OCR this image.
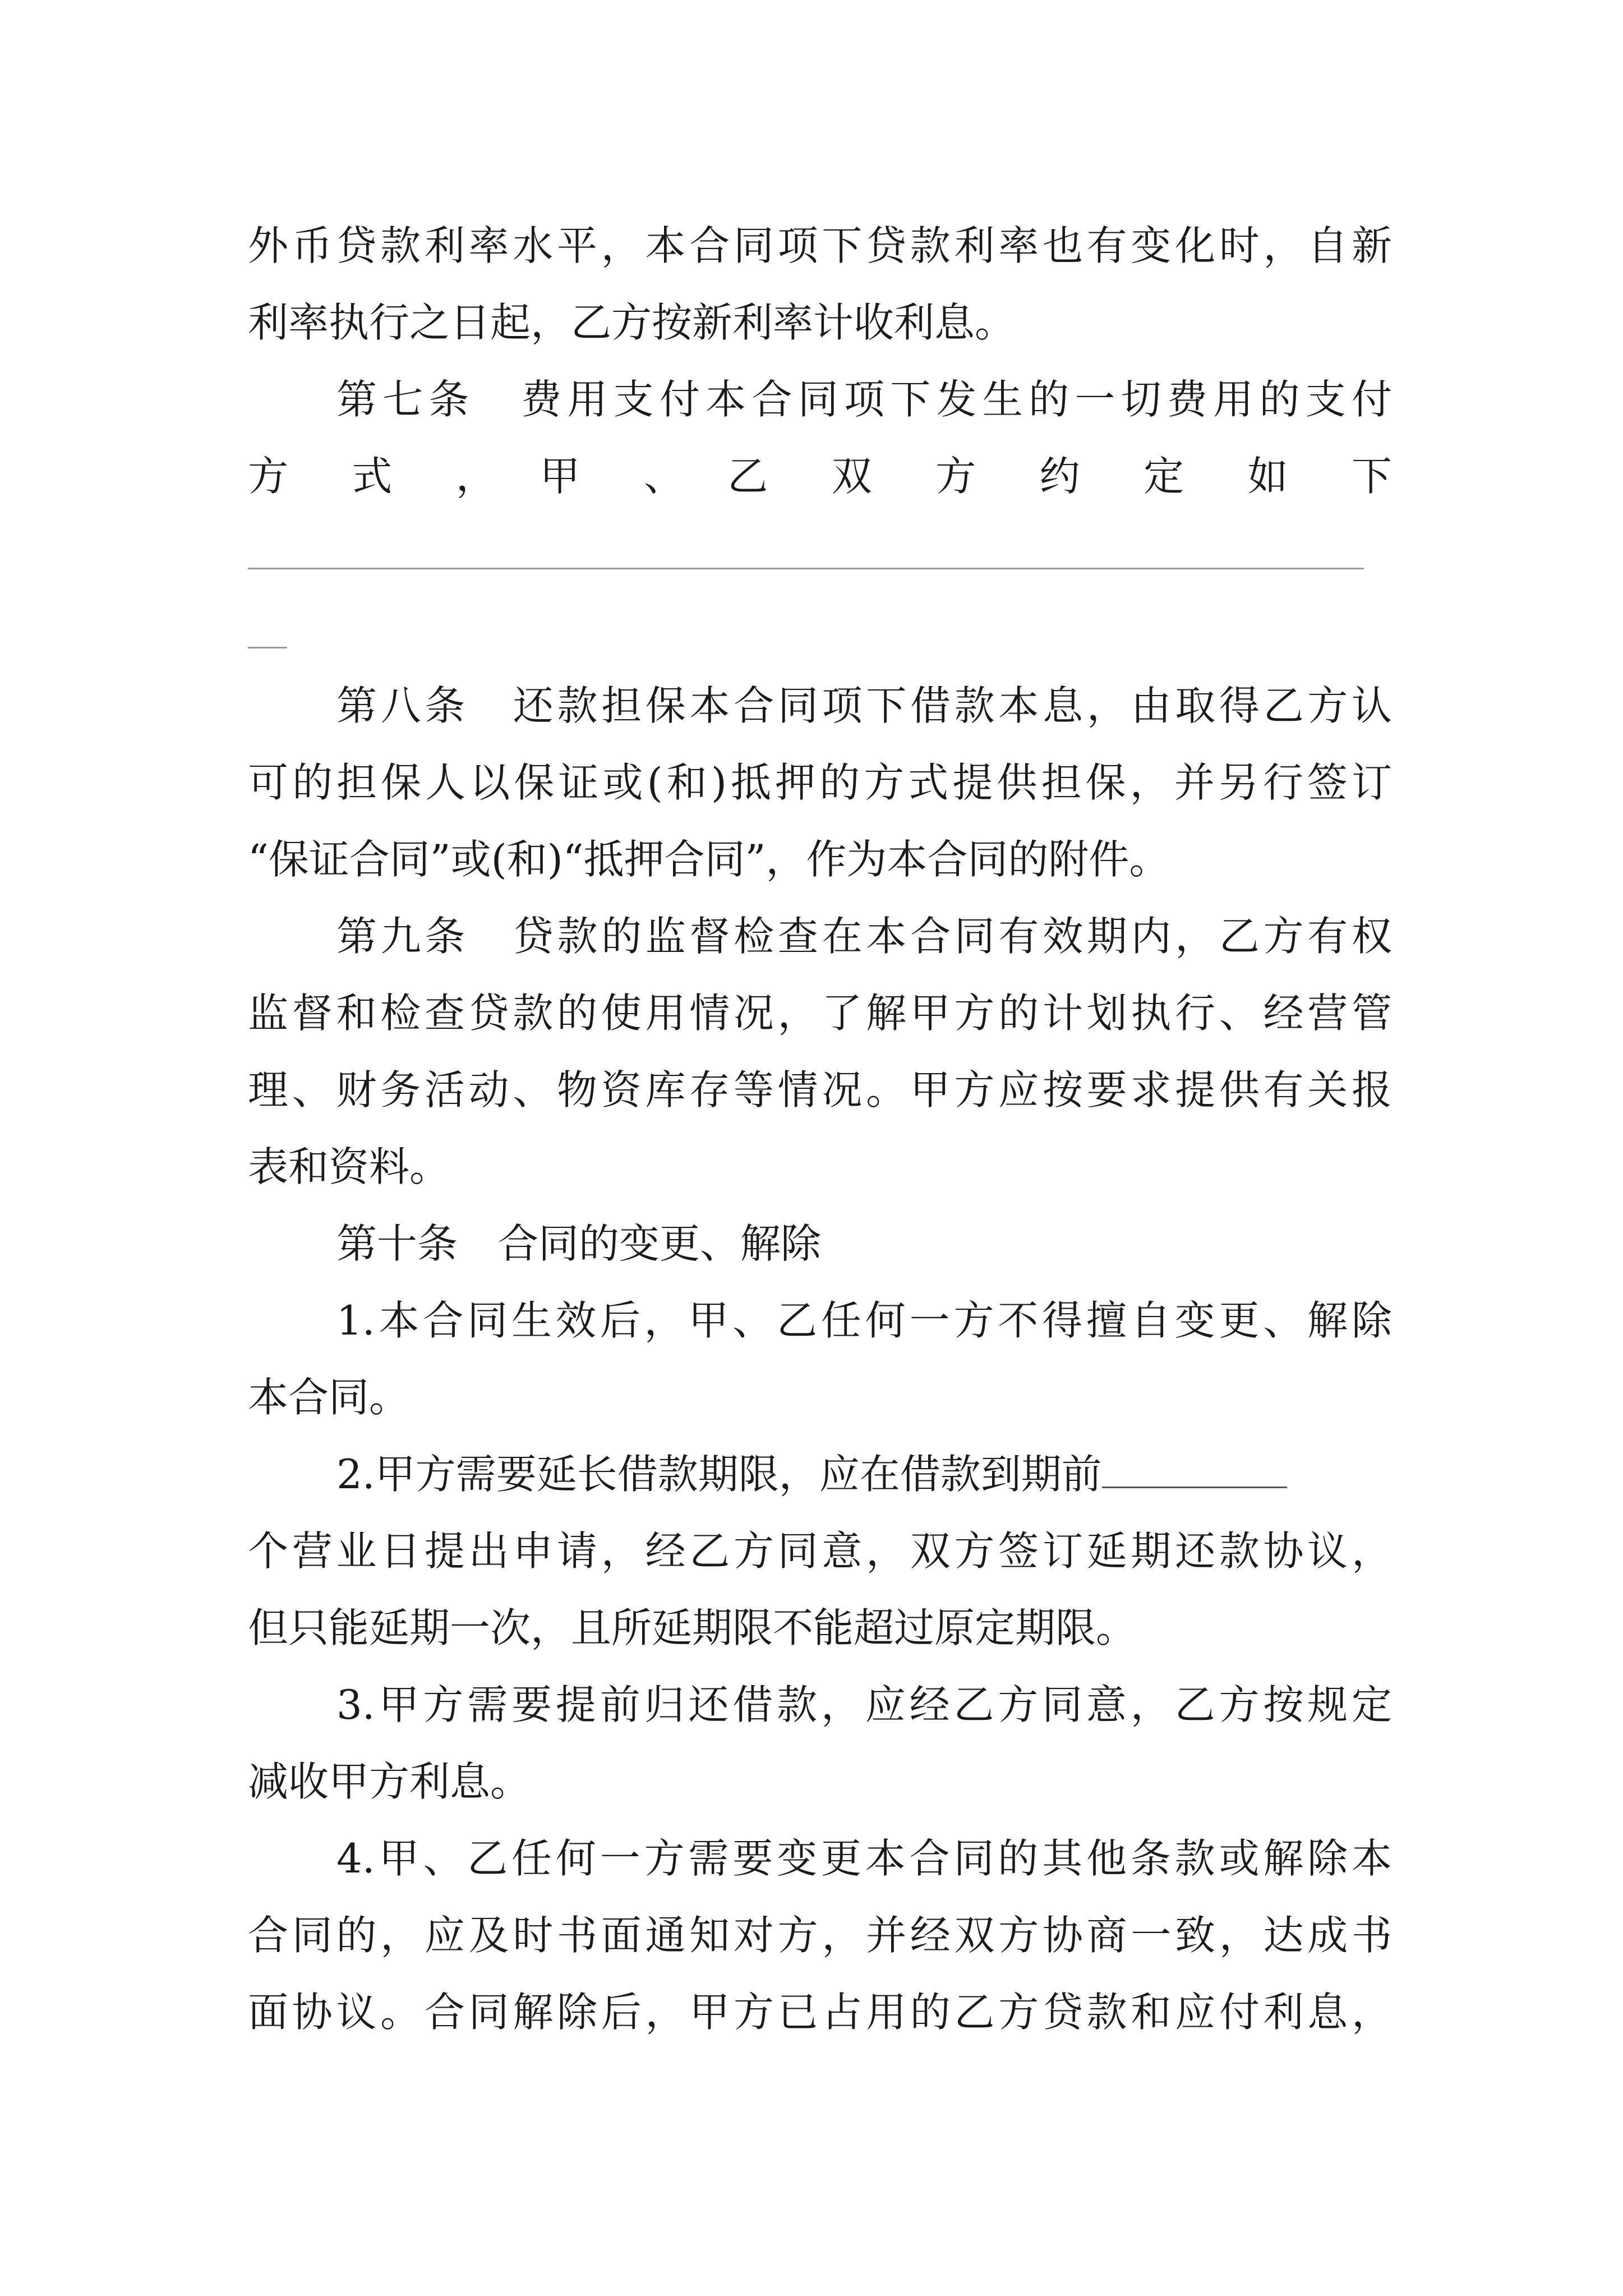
外币贷款利率水平，本合同项下贷款利率也有变化时，自新
利率执行之日起，乙方按新利率计收利息。
第七条　费用支付本合同项下发生的一切费用的支付
方　式　，　甲　、　乙　双　方　约　定　如　下
第八条　还款担保本合同项下借款本息，由取得乙方认
可的担保人以保证或(和)抵押的方式提供担保，并另行签订
“保证合同”或(和)“抵押合同”，作为本合同的附件。
第九条　贷款的监督检查在本合同有效期内，乙方有权
监督和检查贷款的使用情况，了解甲方的计划执行、经营管
理、财务活动、物资库存等情况。甲方应按要求提供有关报
表和资料。
第十条　合同的变更、解除
1.本合同生效后，甲、乙任何一方不得擅自变更、解除
本合同。
2.甲方需要延长借款期限，应在借款到期前
个营业日提出申请，经乙方同意，双方签订延期还款协议，
但只能延期一次，且所延期限不能超过原定期限。
3.甲方需要提前归还借款，应经乙方同意，乙方按规定
减收甲方利息。
4.甲、乙任何一方需要变更本合同的其他条款或解除本
合同的，应及时书面通知对方，并经双方协商一致，达成书
面协议。合同解除后，甲方已占用的乙方贷款和应付利息，
